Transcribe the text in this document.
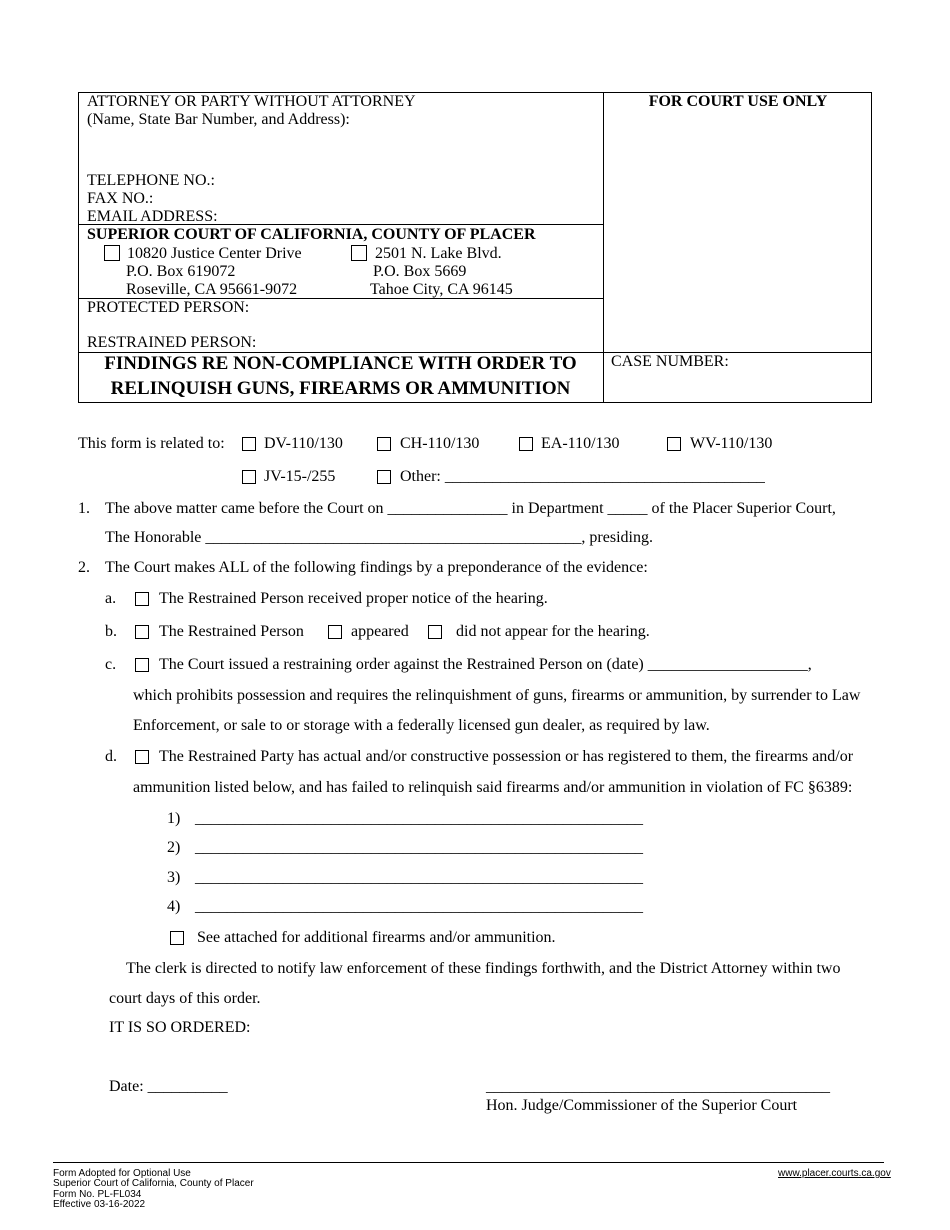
ATTORNEY OR PARTY WITHOUT ATTORNEY
(Name, State Bar Number, and Address):
TELEPHONE NO.:
FAX NO.:
EMAIL ADDRESS:
SUPERIOR COURT OF CALIFORNIA, COUNTY OF PLACER
10820 Justice Center Drive
P.O. Box 619072
Roseville, CA 95661-9072
2501 N. Lake Blvd.
P.O. Box 5669
Tahoe City, CA 96145
PROTECTED PERSON:
RESTRAINED PERSON:
FOR COURT USE ONLY
FINDINGS RE NON-COMPLIANCE WITH ORDER TO
RELINQUISH GUNS, FIREARMS OR AMMUNITION
CASE NUMBER:
This form is related to: DV-110/130	CH-110/130	EA-110/130	WV-110/130
JV-15-/255	Other: ________________________________________
1. The above matter came before the Court on _______________ in Department _____ of the Placer Superior Court,
The Honorable _______________________________________________, presiding.
2. The Court makes ALL of the following findings by a preponderance of the evidence:
a.	The Restrained Person received proper notice of the hearing.
b.	The Restrained Person	appeared	did not appear for the hearing.
c.	The Court issued a restraining order against the Restrained Person on (date) ____________________,
which prohibits possession and requires the relinquishment of guns, firearms or ammunition, by surrender to Law
Enforcement, or sale to or storage with a federally licensed gun dealer, as required by law.
d.	The Restrained Party has actual and/or constructive possession or has registered to them, the firearms and/or
ammunition listed below, and has failed to relinquish said firearms and/or ammunition in violation of FC §6389:
1) ________________________________________________________
2) ________________________________________________________
3) ________________________________________________________
4) ________________________________________________________
See attached for additional firearms and/or ammunition.
The clerk is directed to notify law enforcement of these findings forthwith, and the District Attorney within two
court days of this order.
IT IS SO ORDERED:
Date: __________	___________________________________________
Hon. Judge/Commissioner of the Superior Court
Form Adopted for Optional Use
Superior Court of California, County of Placer
Form No. PL-FL034
Effective 03-16-2022
www.placer.courts.ca.gov
